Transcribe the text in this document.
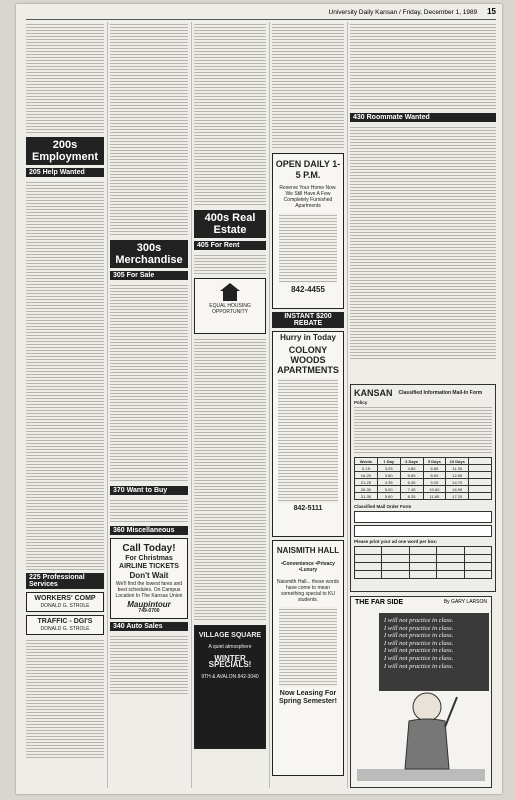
University Daily Kansan / Friday, December 1, 1989 15
200s Employment
205 Help Wanted
225 Professional Services
WORKERS' COMP
DONALD G. STROLE
TRAFFIC - DGI'S
DONALD G. STROLE
300s Merchandise
305 For Sale
370 Want to Buy
360 Miscellaneous
Call Today!
For Christmas AIRLINE TICKETS
Don't Wait
We'll find the lowest fares and best schedules. On Campus Location In The Kansas Union
Maupintour
749-0700
340 Auto Sales
400s Real Estate
405 For Rent
EQUAL HOUSING OPPORTUNITY
VILLAGE SQUARE
A quiet atmosphere
WINTER SPECIALS!
9TH & AVALON 842-3040
OPEN DAILY 1-5 P.M.
Reserve Your Home Now. We Still Have A Few Completely Furnished Apartments
842-4455
INSTANT $200 REBATE
Hurry in Today
COLONY WOODS APARTMENTS
842-5111
NAISMITH HALL
•Convenience •Privacy •Luxury
Naismith Hall... these words have come to mean something special to KU students.
Now Leasing For Spring Semester!
430 Roommate Wanted
KANSAN Classified Information Mail-In Form
Policy
Words	1 Day	3 Days	5 Days	10 Days
0-15	3.25	4.80	6.85	11.35
16-20	3.80	5.65	8.00	12.85
21-25	4.35	6.45	9.20	14.70
26-30	5.00	7.45	10.60	16.95
31-35	5.60	8.35	11.85	17.20
Classified Mail Order Form
Please print your ad one word per box:
THE FAR SIDE	By GARY LARSON
I will not practice in class.
I will not practice in class.
I will not practice in class.
I will not practice in class.
I will not practice in class.
I will not practice in class.
I will not practice in class.
